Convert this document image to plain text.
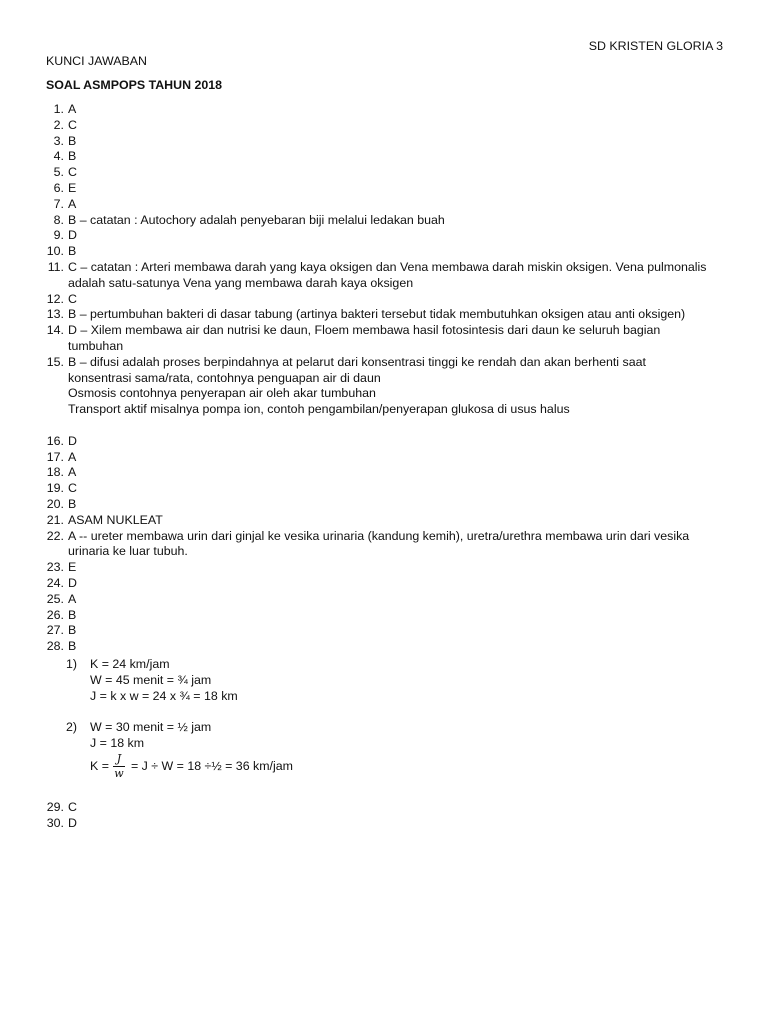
SD KRISTEN GLORIA 3
KUNCI JAWABAN
SOAL ASMPOPS TAHUN 2018
1. A
2. C
3. B
4. B
5. C
6. E
7. A
8. B – catatan : Autochory adalah penyebaran biji melalui ledakan buah
9. D
10. B
11. C – catatan : Arteri membawa darah yang kaya oksigen dan Vena membawa darah miskin oksigen. Vena pulmonalis
adalah satu-satunya Vena yang membawa darah kaya oksigen
12. C
13. B – pertumbuhan bakteri di dasar tabung (artinya bakteri tersebut tidak membutuhkan oksigen atau anti oksigen)
14. D – Xilem membawa air dan nutrisi ke daun, Floem membawa hasil fotosintesis dari daun ke seluruh bagian
tumbuhan
15. B – difusi adalah proses berpindahnya at pelarut dari konsentrasi tinggi ke rendah dan akan berhenti saat
konsentrasi sama/rata, contohnya penguapan air di daun
Osmosis contohnya penyerapan air oleh akar tumbuhan
Transport aktif misalnya pompa ion, contoh pengambilan/penyerapan glukosa di usus halus

16. D
17. A
18. A
19. C
20. B
21. ASAM NUKLEAT
22. A -- ureter membawa urin dari ginjal ke vesika urinaria (kandung kemih), uretra/urethra membawa urin dari vesika
urinaria ke luar tubuh.
23. E
24. D
25. A
26. B
27. B
28. B
1) K = 24 km/jam
W = 45 menit = ¾ jam
J = k x w = 24 x ¾ = 18 km
2) W = 30 menit = ½ jam
J = 18 km
$K = \frac{J}{w} = J \div W = 18$ ÷½ = 36 km/jam
29. C
30. D
